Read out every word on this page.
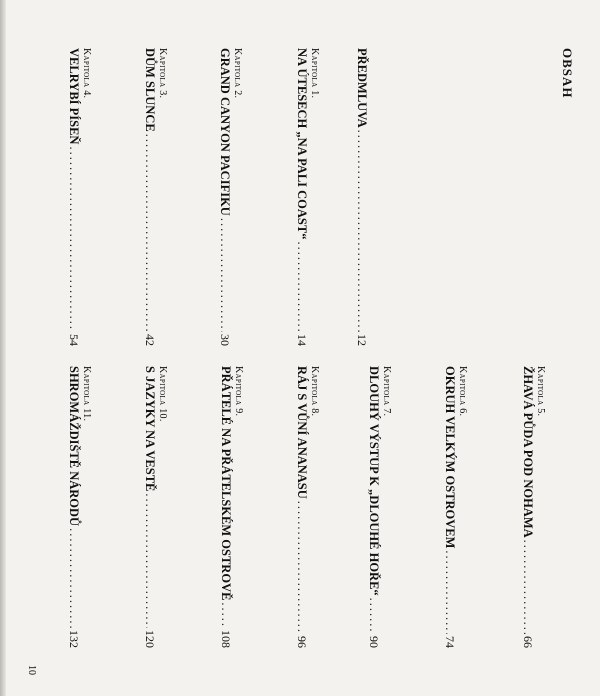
OBSAH

PŘEDMLUVA
.....
12
Kapitola 1.
NA ÚTESECH „NA PALI COAST“
.....
14
Kapitola 2.
GRAND CANYON PACIFIKU
.....
30
Kapitola 3.
DŮM SLUNCE
.....
42
Kapitola 4.
VELRYBÍ PÍSEŇ
.....
54
Kapitola 5.
ŽHAVÁ PŮDA POD NOHAMA
.....
66
Kapitola 6.
OKRUH VELKÝM OSTROVEM
.....
74
Kapitola 7.
DLOUHÝ VÝSTUP K „DLOUHÉ HOŘE“
.....
90
Kapitola 8.
RÁJ S VŮNÍ ANANASU
.....
96
Kapitola 9.
PŘÁTELÉ NA PŘÁTELSKÉM OSTROVĚ
.....
108
Kapitola 10.
S JAZYKY NA VESTĚ
.....
120
Kapitola 11.
SHROMÁŽDIŠTĚ NÁRODŮ
.....
132
10
